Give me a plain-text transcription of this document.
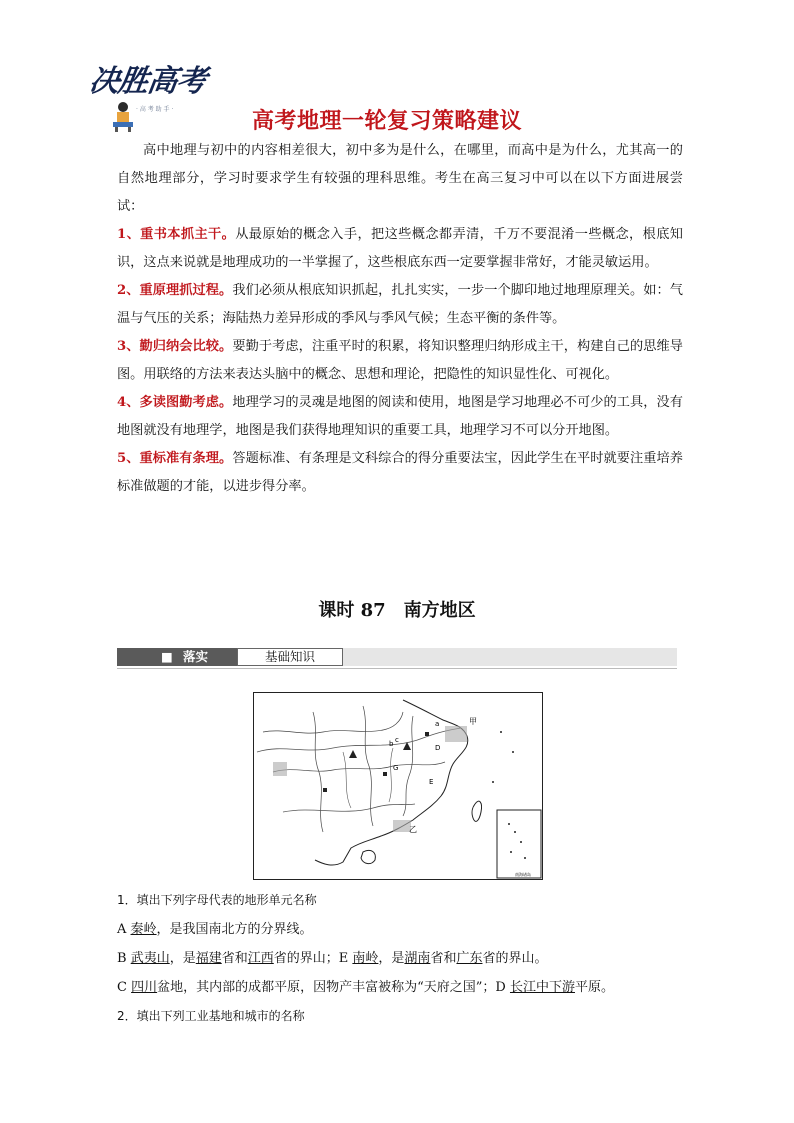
决胜高考
· 高 考 助 手 ·	高考地理一轮复习策略建议

高中地理与初中的内容相差很大，初中多为是什么，在哪里，而高中是为什么，尤其高一的自然地理部分，学习时要求学生有较强的理科思维。考生在高三复习中可以在以下方面进展尝试：

1、重书本抓主干。从最原始的概念入手，把这些概念都弄清，千万不要混淆一些概念，根底知识，这点来说就是地理成功的一半掌握了，这些根底东西一定要掌握非常好，才能灵敏运用。

2、重原理抓过程。我们必须从根底知识抓起，扎扎实实，一步一个脚印地过地理原理关。如：气温与气压的关系；海陆热力差异形成的季风与季风气候；生态平衡的条件等。

3、勤归纳会比较。要勤于考虑，注重平时的积累，将知识整理归纳形成主干，构建自己的思维导图。用联络的方法来表达头脑中的概念、思想和理论，把隐性的知识显性化、可视化。

4、多读图勤考虑。地理学习的灵魂是地图的阅读和使用，地图是学习地理必不可少的工具，没有地图就没有地理学，地图是我们获得地理知识的重要工具，地理学习不可以分开地图。

5、重标准有条理。答题标准、有条理是文科综合的得分重要法宝，因此学生在平时就要注重培养标准做题的才能，以进步得分率。

课时 87　南方地区
■ 落实	基础知识
甲
乙
a
b c
D
E
G
南海诸岛

1．填出下列字母代表的地形单元名称

A 秦岭，是我国南北方的分界线。

B 武夷山，是福建省和江西省的界山；E 南岭，是湖南省和广东省的界山。

C 四川盆地，其内部的成都平原，因物产丰富被称为“天府之国”；D 长江中下游平原。

2．填出下列工业基地和城市的名称
